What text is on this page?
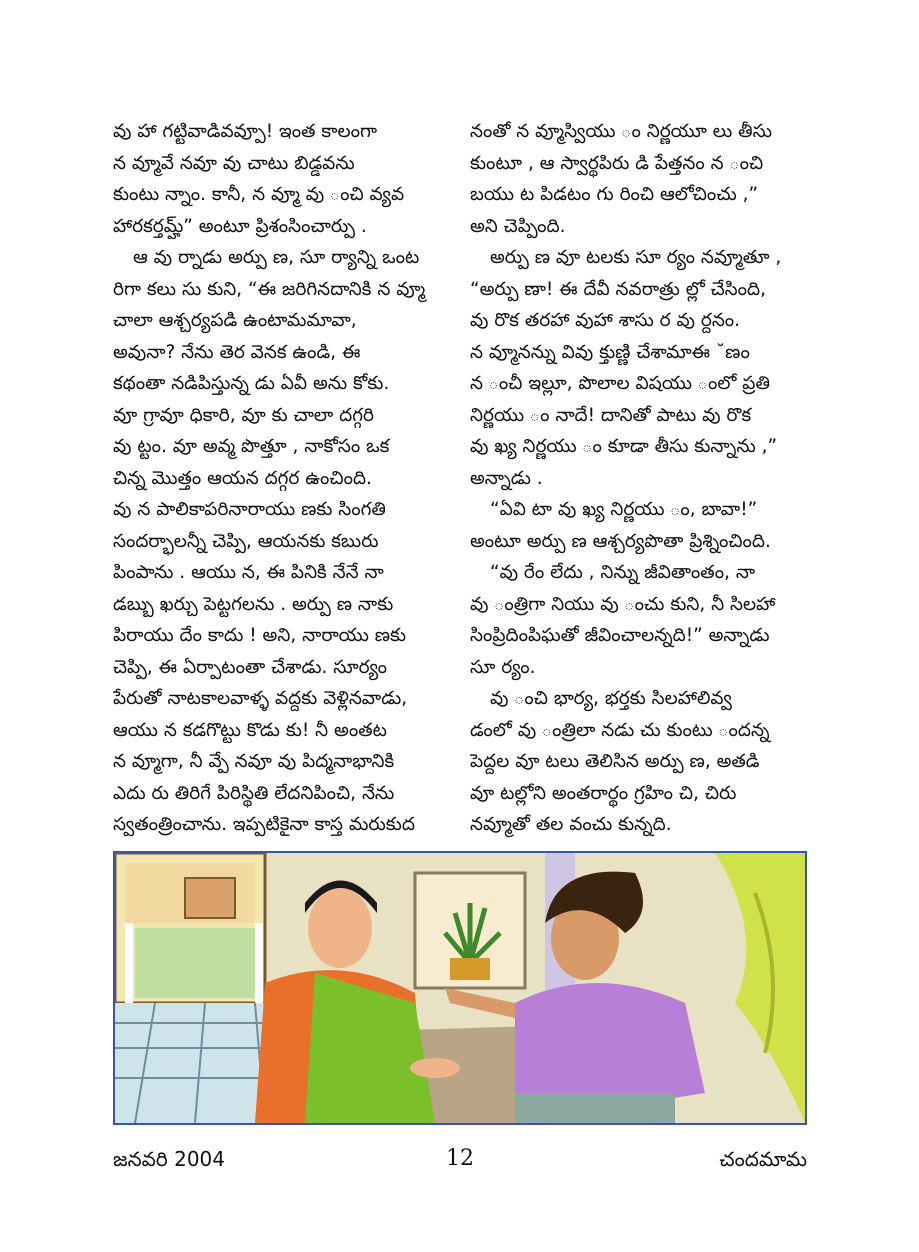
వు హా గట్టివాడివవ్పూ! ఇంత కాలంగా
న వ్మూవే నవూ వు చాటు బిడ్డవను
కుంటు న్నాం. కానీ, న వ్మూ వు ంచి వ్యవ
హారకర్తమ్హ్” అంటూ ప్రిశంసించార్పు .
ఆ వు ర్నాడు అర్పు ణ, సూ ర్యాన్ని ఒంట
రిగా కలు సు కుని, “ఈ జరిగినదానికి న వ్మూ
చాలా ఆశ్చర్యపడి ఉంటామమావా,
అవునా? నేను తెర వెనక ఉండి, ఈ
కథంతా నడిపిస్తున్న డు ఏవీ అను కోకు.
వూ గ్రావూ ధికారి, వూ కు చాలా దగ్గరి
వు ట్టం. వూ అవ్మ పొత్తూ , నాకోసం ఒక
చిన్న మొత్తం ఆయన దగ్గర ఉంచింది.
వు న పాలికాపరినారాయు ణకు సింగతి
సందర్భాలన్నీ చెప్పి, ఆయనకు కబురు
పింపాను . ఆయు న, ఈ పినికి నేనే నా
డబ్బు ఖర్చు పెట్టగలను . అర్పు ణ నాకు
పిరాయు దేం కాదు ! అని, నారాయు ణకు
చెప్పి, ఈ ఏర్పాటంతా చేశాడు. సూర్యం
పేరుతో నాటకాలవాళ్ళ వద్దకు వెళ్లినవాడు,
ఆయు న కడగొట్టు కొడు కు! నీ అంతట
న వ్మూగా, నీ వ్పే నవూ వు పిద్మనాభానికి
ఎదు రు తిరిగే పిరిస్థితి లేదనిపించి, నేను
స్వతంత్రించాను. ఇప్పటికైనా కాస్త మరుకుద
నంతో న వ్మూస్వియు ం నిర్ణయూ లు తీసు
కుంటూ , ఆ స్వార్థపిరు డి పేత్తనం న ంచి
బయు ట పిడటం గు రించి ఆలోచించు ,”
అని చెప్పింది.
అర్పు ణ వూ టలకు సూ ర్యం నవ్మూతూ ,
“అర్పు ణా! ఈ దేవీ నవరాత్రు ల్లో చేసింది,
వు రొక తరహా వుహా శాసు ర వు ర్దనం.
న వ్మూనన్ను వివు క్తుణ్ణి చేశామాఈ ˘ణం
న ంచీ ఇల్లూ, పొలాల విషయు ంలో ప్రతి
నిర్ణయు ం నాదే! దానితో పాటు వు రొక
వు ఖ్య నిర్ణయు ం కూడా తీసు కున్నాను ,”
అన్నాడు .
“ఏవి టా వు ఖ్య నిర్ణయు ం, బావా!”
అంటూ అర్పు ణ ఆశ్చర్యపొతా ప్రిశ్నించింది.
“వు రేం లేదు , నిన్ను జీవితాంతం, నా
వు ంత్రిగా నియు వు ంచు కుని, నీ సిలహా
సింప్రిదింపిఘతో జీవించాలన్నది!” అన్నాడు
సూ ర్యం.
వు ంచి భార్య, భర్తకు సిలహాలివ్వ
డంలో వు ంత్రిలా నడు చు కుంటు ందన్న
పెద్దల వూ టలు తెలిసిన అర్పు ణ, అతడి
వూ టల్లోని అంతరార్థం గ్రహిం చి, చిరు
నవ్మూతో తల వంచు కున్నది.
జనవరి 2004	12	చందమామ
